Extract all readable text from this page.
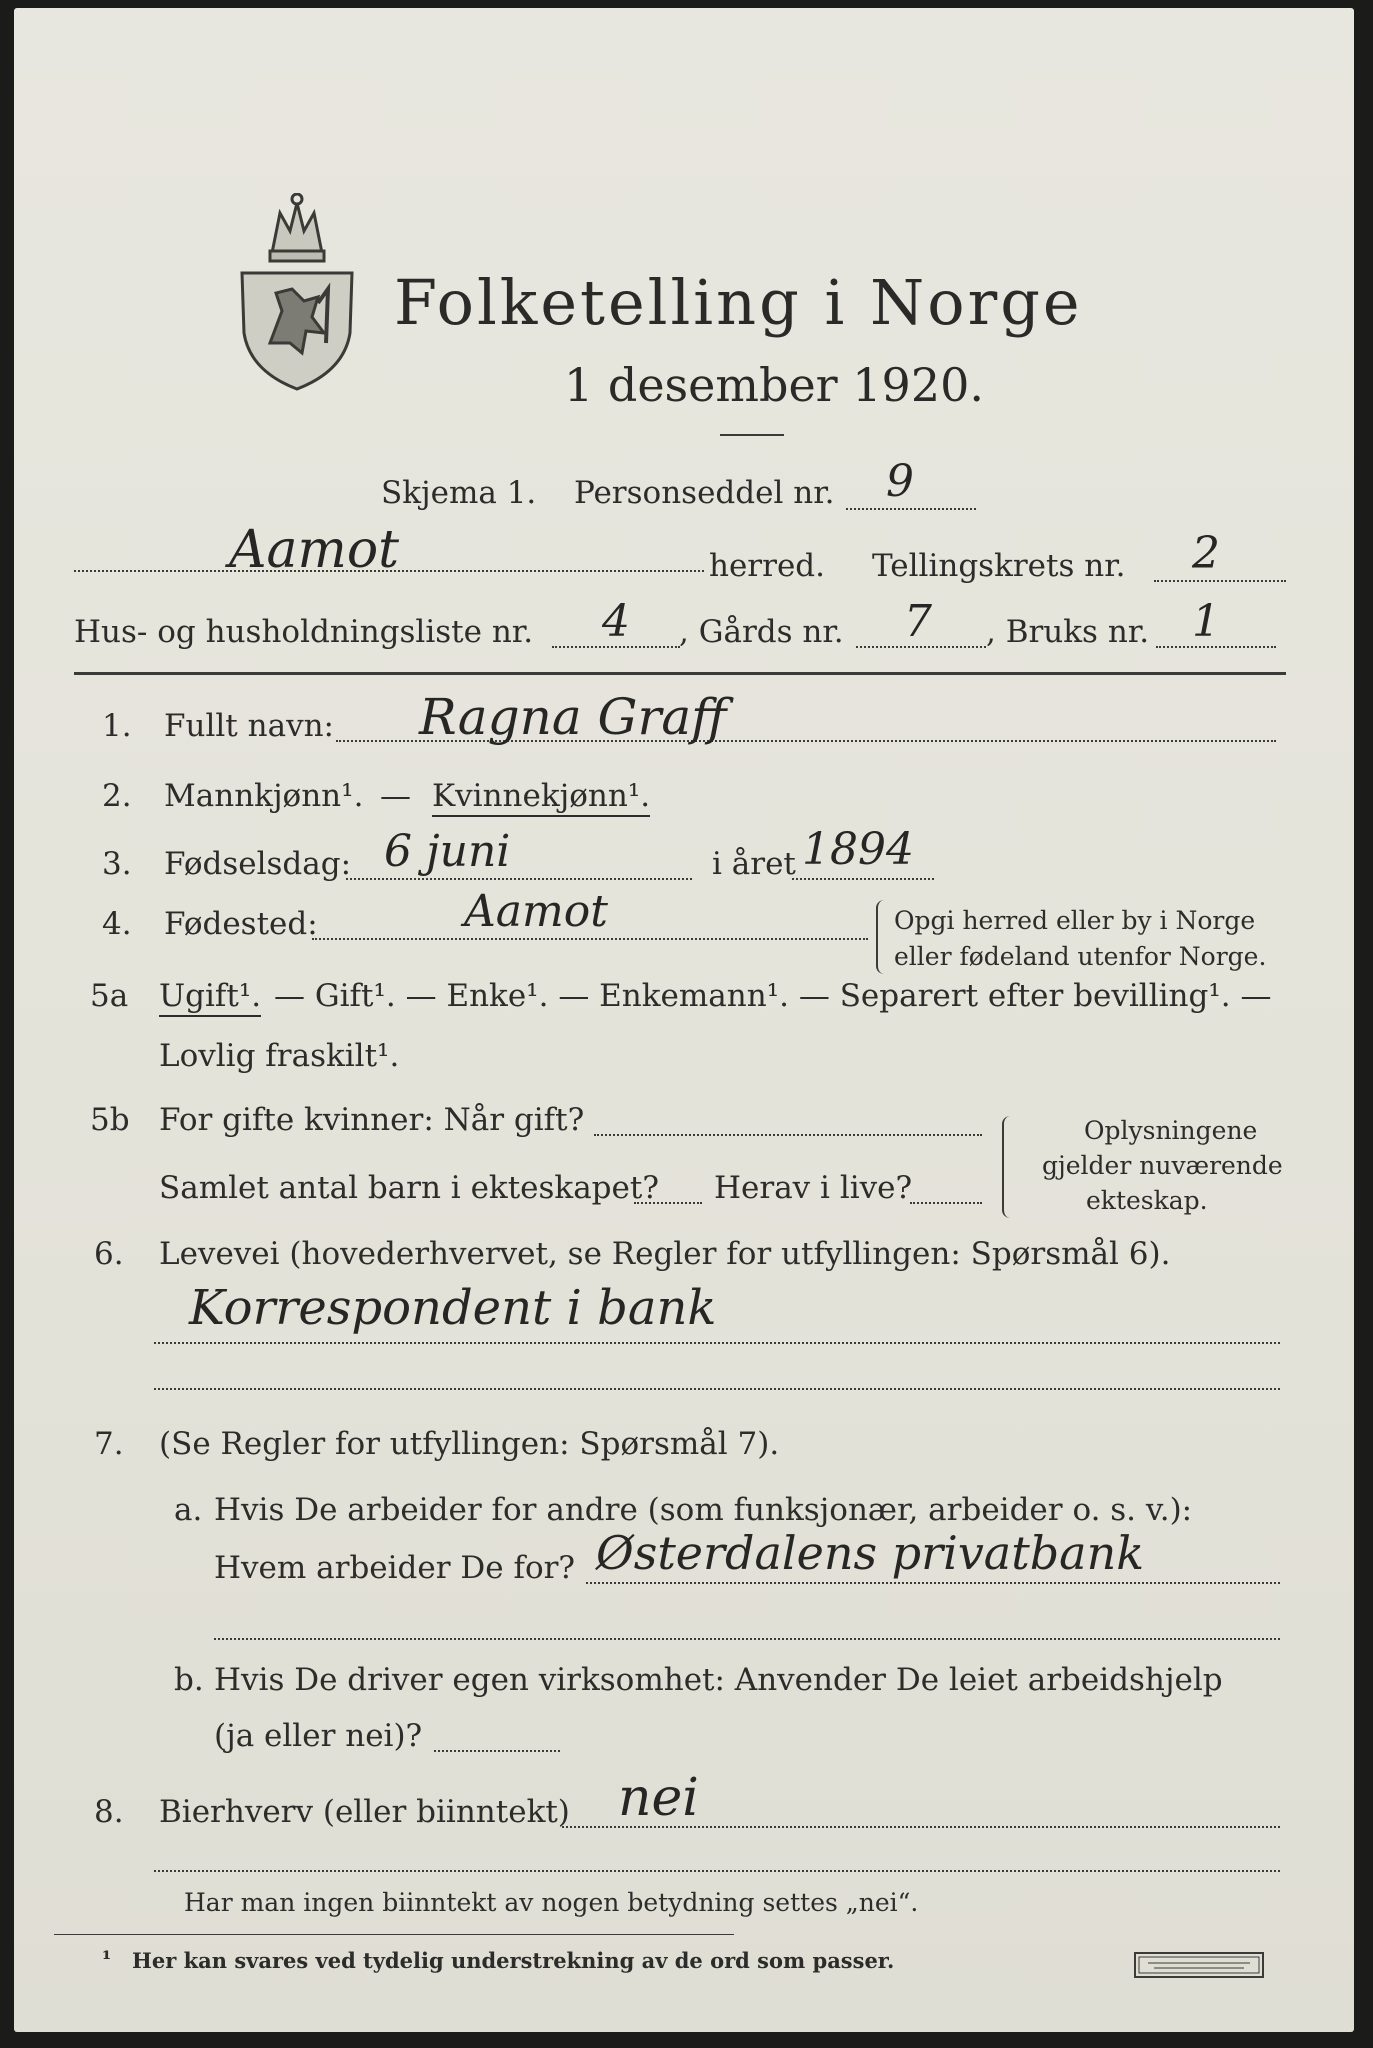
Folketelling i Norge
1 desember 1920.
Skjema 1. Personseddel nr. 9
Aamot	herred. Tellingskrets nr. 2
Hus- og husholdningsliste nr. 4 , Gårds nr. 7 , Bruks nr. 1
1. Fullt navn: Ragna Graff
2. Mannkjønn¹. — Kvinnekjønn¹.
3. Fødselsdag: 6 juni	i året 1894
4. Fødested:	Aamot	Opgi herred eller by i Norge
eller fødeland utenfor Norge.
5a Ugift¹. — Gift¹. — Enke¹. — Enkemann¹. — Separert efter bevilling¹. —
Lovlig fraskilt¹.
5b For gifte kvinner: Når gift?
Samlet antal barn i ekteskapet? Herav i live?
Oplysningene
gjelder nuværende
ekteskap.
6. Levevei (hovederhvervet, se Regler for utfyllingen: Spørsmål 6).
Korrespondent i bank
7. (Se Regler for utfyllingen: Spørsmål 7).
a. Hvis De arbeider for andre (som funksjonær, arbeider o. s. v.):
Hvem arbeider De for? Østerdalens privatbank
b. Hvis De driver egen virksomhet: Anvender De leiet arbeidshjelp
(ja eller nei)?
8. Bierhverv (eller biinntekt) nei
Har man ingen biinntekt av nogen betydning settes „nei“.
¹ Her kan svares ved tydelig understrekning av de ord som passer.
